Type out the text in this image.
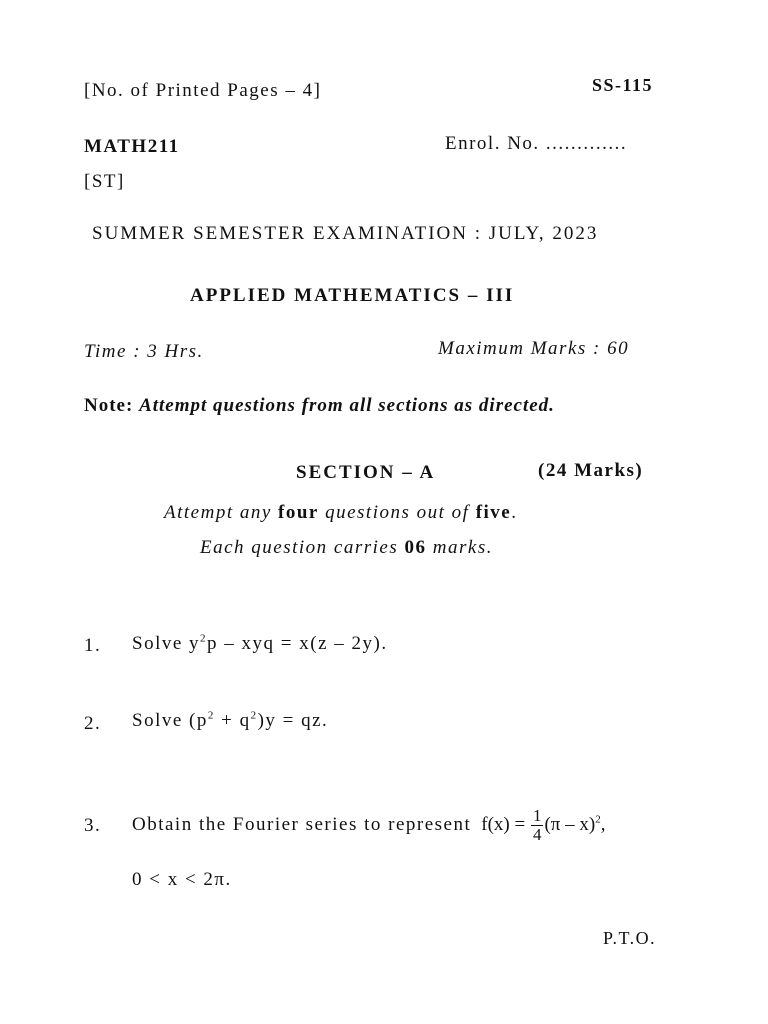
[No. of Printed Pages – 4]	SS-115
MATH211	Enrol. No. .............
[ST]
SUMMER SEMESTER EXAMINATION : JULY, 2023
APPLIED MATHEMATICS – III
Time : 3 Hrs.	Maximum Marks : 60
Note: Attempt questions from all sections as directed.
SECTION – A	(24 Marks)
Attempt any four questions out of five.
Each question carries 06 marks.
1. Solve $y^2p$ – xyq = x(z – 2y).
2. Solve $(p^2 + q^2)y$ = qz.
3. Obtain the Fourier series to represent $f(x) = \frac{1}{4} (\pi - x)^2$,
0 < x < 2π.
P.T.O.
